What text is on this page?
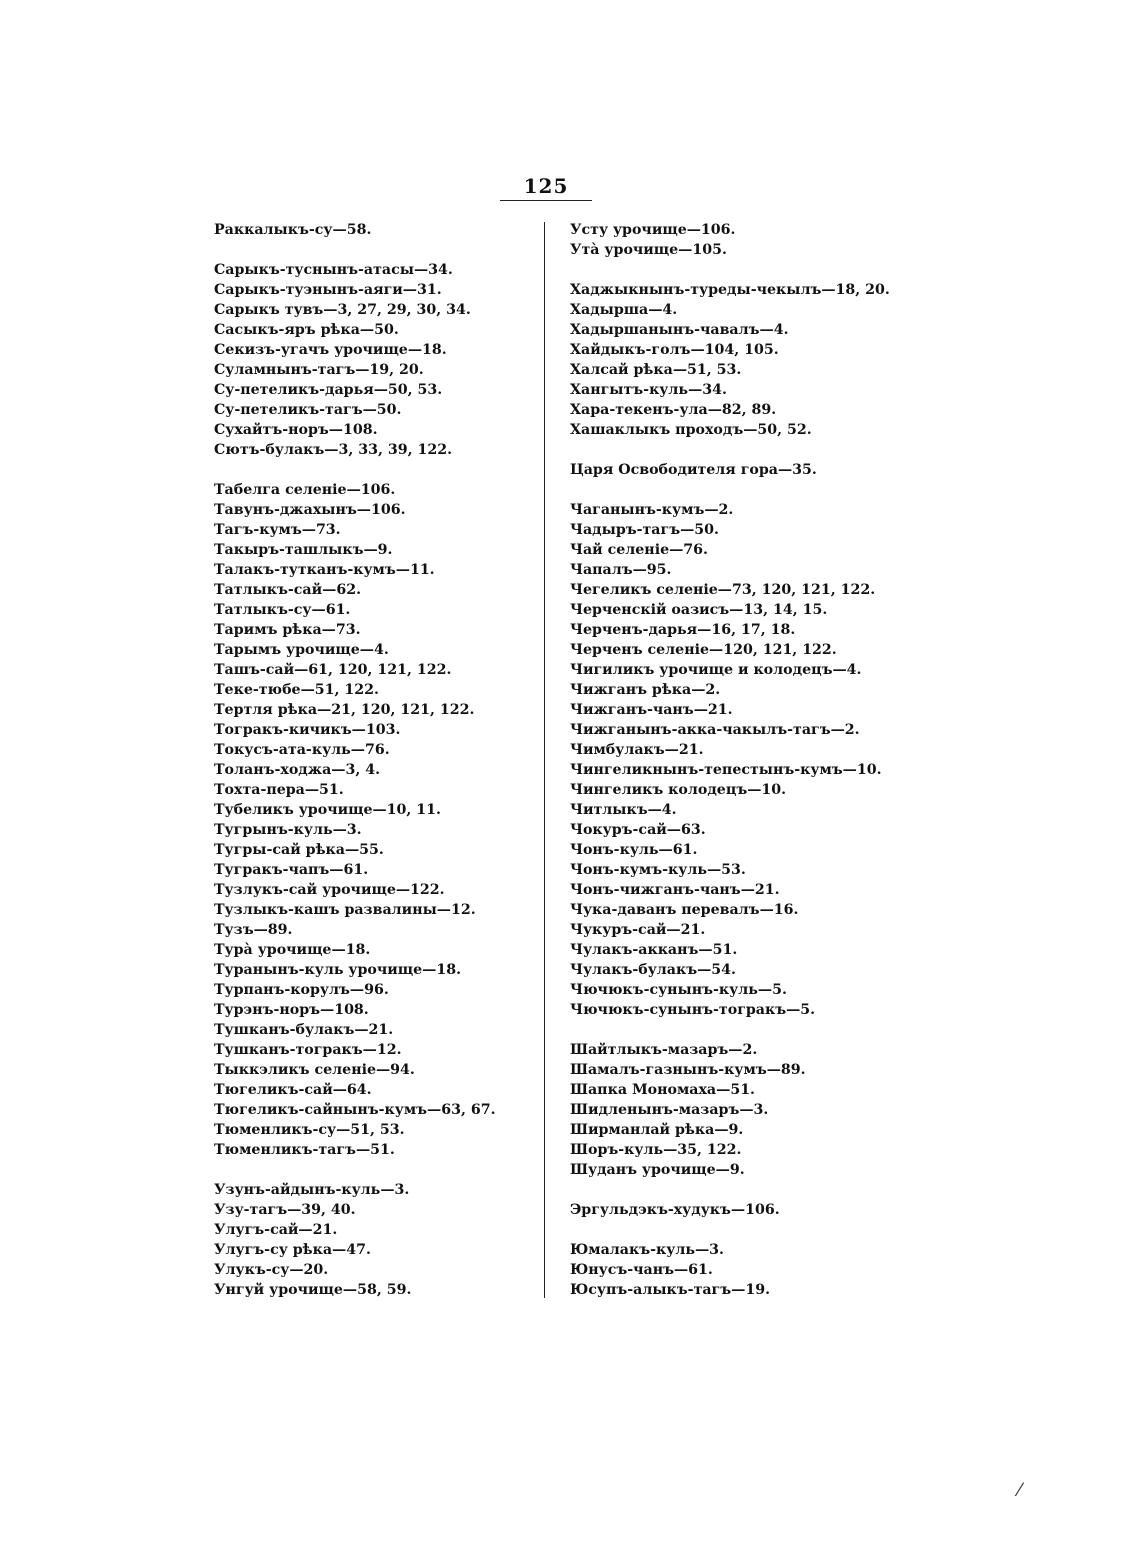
125
Раккалыкъ-су—58.
Сарыкъ-туснынъ-атасы—34.
Сарыкъ-туэнынъ-аяги—31.
Сарыкъ тувъ—3, 27, 29, 30, 34.
Сасыкъ-яръ рѣка—50.
Секизъ-угачъ урочище—18.
Суламнынъ-тагъ—19, 20.
Су-петеликъ-дарья—50, 53.
Су-петеликъ-тагъ—50.
Сухайтъ-норъ—108.
Сютъ-булакъ—3, 33, 39, 122.
Табелга селеніе—106.
Тавунъ-джахынъ—106.
Тагъ-кумъ—73.
Такыръ-ташлыкъ—9.
Талакъ-тутканъ-кумъ—11.
Татлыкъ-сай—62.
Татлыкъ-су—61.
Таримъ рѣка—73.
Тарымъ урочище—4.
Ташъ-сай—61, 120, 121, 122.
Теке-тюбе—51, 122.
Тертля рѣка—21, 120, 121, 122.
Тогракъ-кичикъ—103.
Токусъ-ата-куль—76.
Толанъ-ходжа—3, 4.
Тохта-пера—51.
Тубеликъ урочище—10, 11.
Тугрынъ-куль—3.
Тугры-сай рѣка—55.
Тугракъ-чапъ—61.
Тузлукъ-сай урочище—122.
Тузлыкъ-кашъ развалины—12.
Тузъ—89.
Турà урочище—18.
Туранынъ-куль урочище—18.
Турпанъ-корулъ—96.
Турэнъ-норъ—108.
Тушканъ-булакъ—21.
Тушканъ-тогракъ—12.
Тыккэликъ селеніе—94.
Тюгеликъ-сай—64.
Тюгеликъ-сайнынъ-кумъ—63, 67.
Тюменликъ-су—51, 53.
Тюменликъ-тагъ—51.
Узунъ-айдынъ-куль—3.
Узу-тагъ—39, 40.
Улугъ-сай—21.
Улугъ-су рѣка—47.
Улукъ-су—20.
Унгуй урочище—58, 59.
Усту урочище—106.
Утà урочище—105.
Хаджыкнынъ-туреды-чекылъ—18, 20.
Хадырша—4.
Хадыршанынъ-чавалъ—4.
Хайдыкъ-голъ—104, 105.
Халсай рѣка—51, 53.
Хангытъ-куль—34.
Хара-текенъ-ула—82, 89.
Хашаклыкъ проходъ—50, 52.
Царя Освободителя гора—35.
Чаганынъ-кумъ—2.
Чадыръ-тагъ—50.
Чай селеніе—76.
Чапалъ—95.
Чегеликъ селеніе—73, 120, 121, 122.
Черченскій оазисъ—13, 14, 15.
Черченъ-дарья—16, 17, 18.
Черченъ селеніе—120, 121, 122.
Чигиликъ урочище и колодецъ—4.
Чижганъ рѣка—2.
Чижганъ-чанъ—21.
Чижганынъ-акка-чакылъ-тагъ—2.
Чимбулакъ—21.
Чингеликнынъ-тепестынъ-кумъ—10.
Чингеликъ колодецъ—10.
Читлыкъ—4.
Чокуръ-сай—63.
Чонъ-куль—61.
Чонъ-кумъ-куль—53.
Чонъ-чижганъ-чанъ—21.
Чука-даванъ перевалъ—16.
Чукуръ-сай—21.
Чулакъ-акканъ—51.
Чулакъ-булакъ—54.
Чючюкъ-сунынъ-куль—5.
Чючюкъ-сунынъ-тогракъ—5.
Шайтлыкъ-мазаръ—2.
Шамалъ-газнынъ-кумъ—89.
Шапка Мономаха—51.
Шидленынъ-мазаръ—3.
Ширманлай рѣка—9.
Шоръ-куль—35, 122.
Шуданъ урочище—9.
Эргульдэкъ-худукъ—106.
Юмалакъ-куль—3.
Юнусъ-чанъ—61.
Юсупъ-алыкъ-тагъ—19.
⁄
